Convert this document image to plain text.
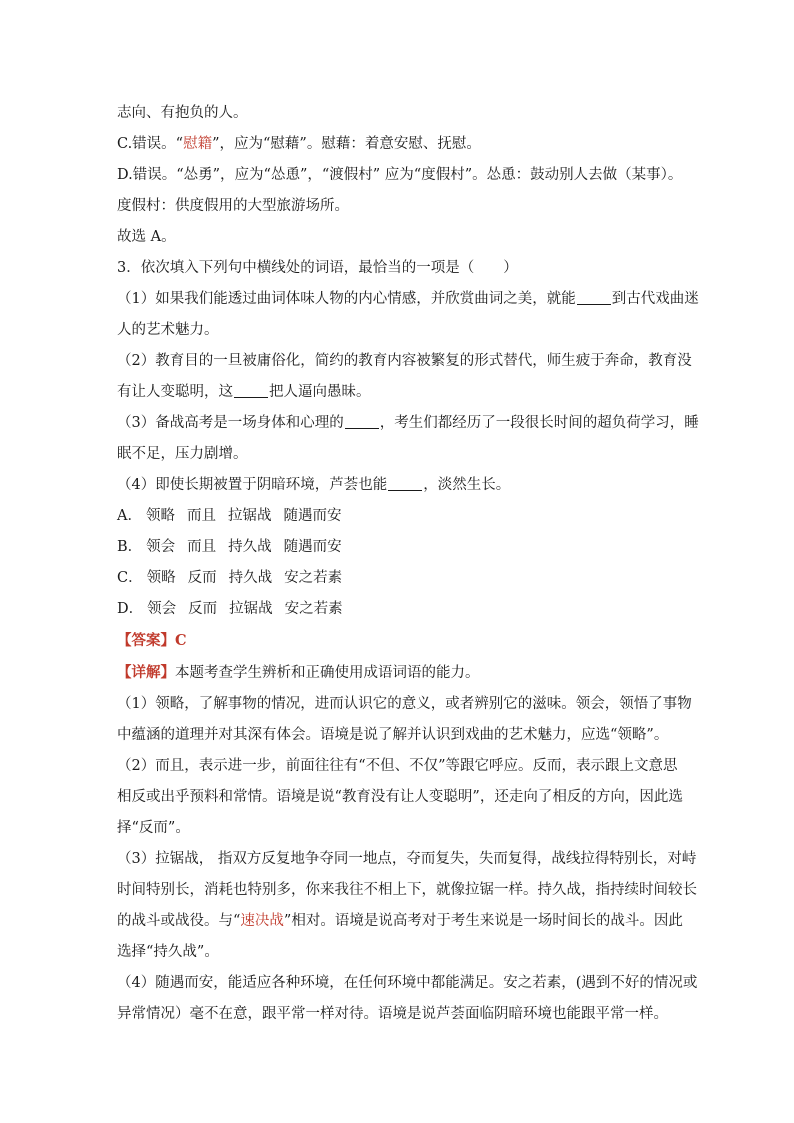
志向、有抱负的人。
C.错误。“慰籍”，应为“慰藉”。慰藉：着意安慰、抚慰。
D.错误。“怂勇”，应为“怂恿”，“渡假村” 应为“度假村”。怂恿：鼓动别人去做（某事）。
度假村：供度假用的大型旅游场所。
故选 A。
3．依次填入下列句中横线处的词语，最恰当的一项是（　　）
（1）如果我们能透过曲词体味人物的内心情感，并欣赏曲词之美，就能 到古代戏曲迷
人的艺术魅力。
（2）教育目的一旦被庸俗化，简约的教育内容被繁复的形式替代，师生疲于奔命，教育没
有让人变聪明，这 把人逼向愚昧。
（3）备战高考是一场身体和心理的 ，考生们都经历了一段很长时间的超负荷学习，睡
眠不足，压力剧增。
（4）即使长期被置于阴暗环境，芦荟也能 ，淡然生长。
A． 领略 而且 拉锯战 随遇而安
B． 领会 而且 持久战 随遇而安
C． 领略 反而 持久战 安之若素
D． 领会 反而 拉锯战 安之若素
【答案】C
【详解】本题考查学生辨析和正确使用成语词语的能力。
（1）领略，了解事物的情况，进而认识它的意义，或者辨别它的滋味。领会，领悟了事物
中蕴涵的道理并对其深有体会。语境是说了解并认识到戏曲的艺术魅力，应选“领略”。
（2）而且，表示进一步，前面往往有“不但、不仅”等跟它呼应。反而，表示跟上文意思
相反或出乎预料和常情。语境是说“教育没有让人变聪明”，还走向了相反的方向，因此选
择“反而”。
（3）拉锯战， 指双方反复地争夺同一地点，夺而复失，失而复得，战线拉得特别长，对峙
时间特别长，消耗也特别多，你来我往不相上下，就像拉锯一样。持久战，指持续时间较长
的战斗或战役。与“速决战”相对。语境是说高考对于考生来说是一场时间长的战斗。因此
选择“持久战”。
（4）随遇而安，能适应各种环境，在任何环境中都能满足。安之若素，(遇到不好的情况或
异常情况）毫不在意，跟平常一样对待。语境是说芦荟面临阴暗环境也能跟平常一样。
